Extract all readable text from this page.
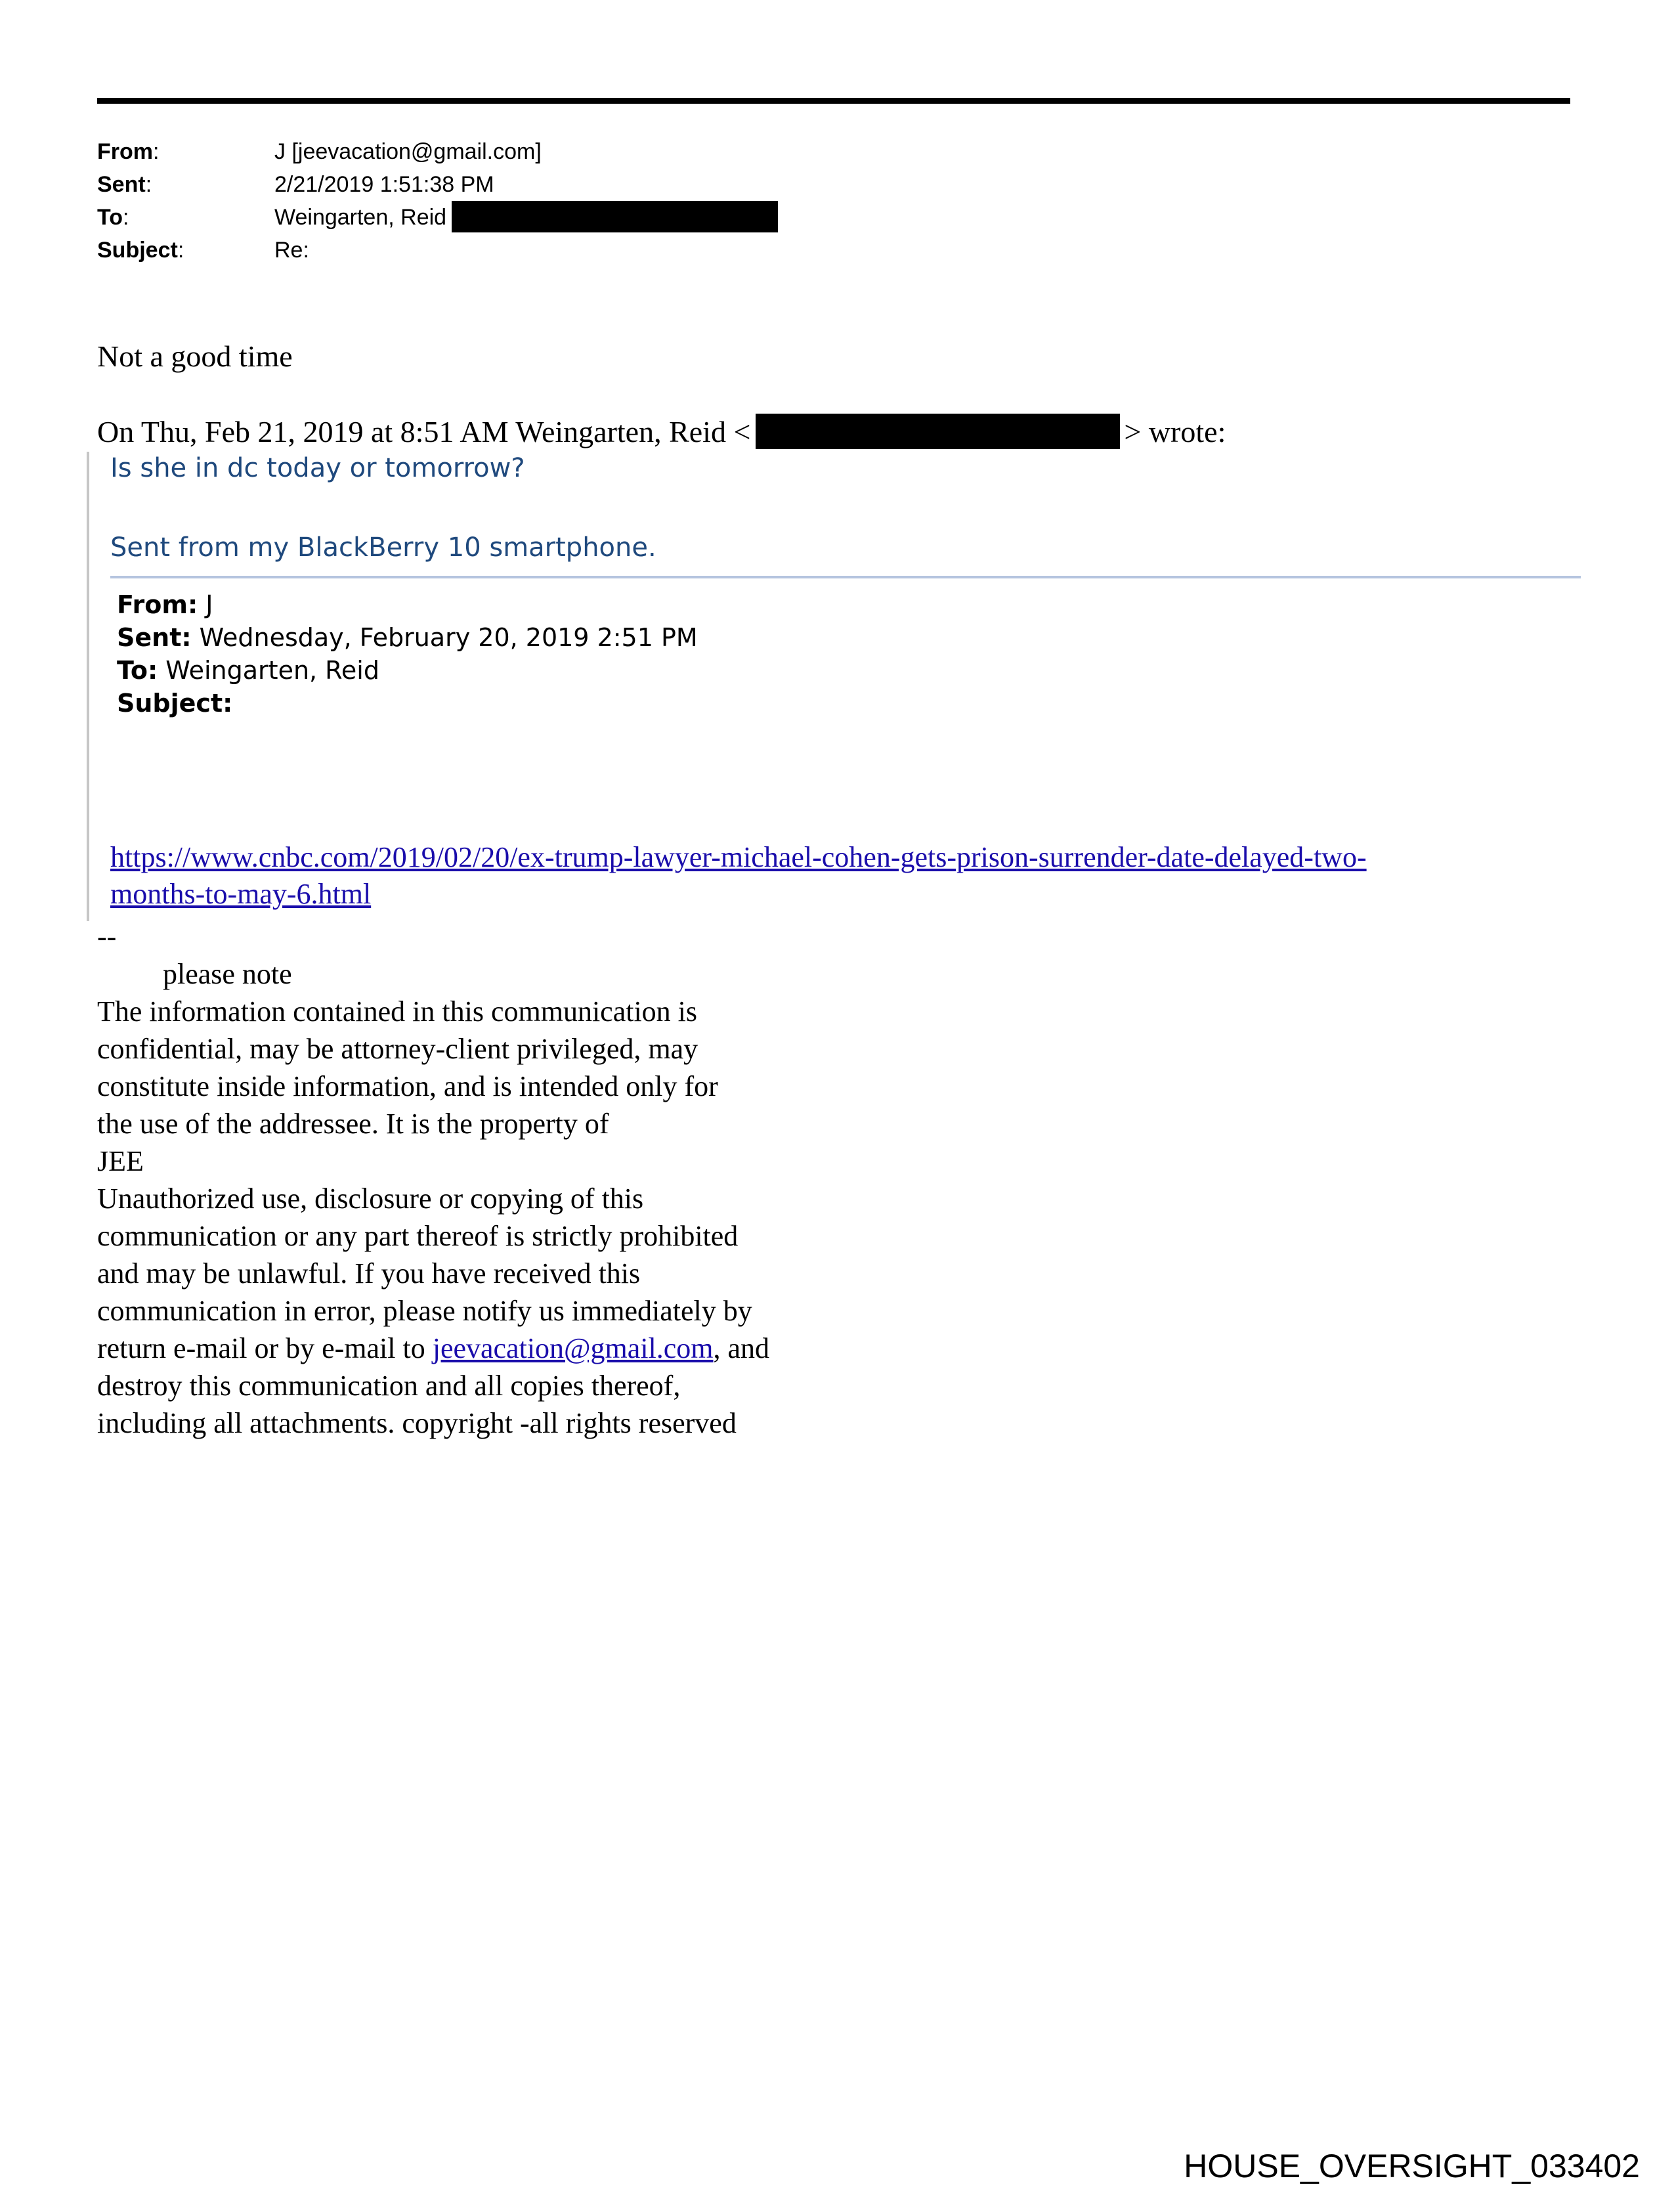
From:	J [jeevacation@gmail.com]
Sent:	2/21/2019 1:51:38 PM
To:	Weingarten, Reid
Subject:	Re:
Not a good time
On Thu, Feb 21, 2019 at 8:51 AM Weingarten, Reid <	> wrote:
Is she in dc today or tomorrow?
Sent from my BlackBerry 10 smartphone.
From: J
Sent: Wednesday, February 20, 2019 2:51 PM
To: Weingarten, Reid
Subject:
https://www.cnbc.com/2019/02/20/ex-trump-lawyer-michael-cohen-gets-prison-surrender-date-delayed-two-
months-to-may-6.html
--
please note
The information contained in this communication is
confidential, may be attorney-client privileged, may
constitute inside information, and is intended only for
the use of the addressee. It is the property of
JEE
Unauthorized use, disclosure or copying of this
communication or any part thereof is strictly prohibited
and may be unlawful. If you have received this
communication in error, please notify us immediately by
return e-mail or by e-mail to jeevacation@gmail.com, and
destroy this communication and all copies thereof,
including all attachments. copyright -all rights reserved
HOUSE_OVERSIGHT_033402
